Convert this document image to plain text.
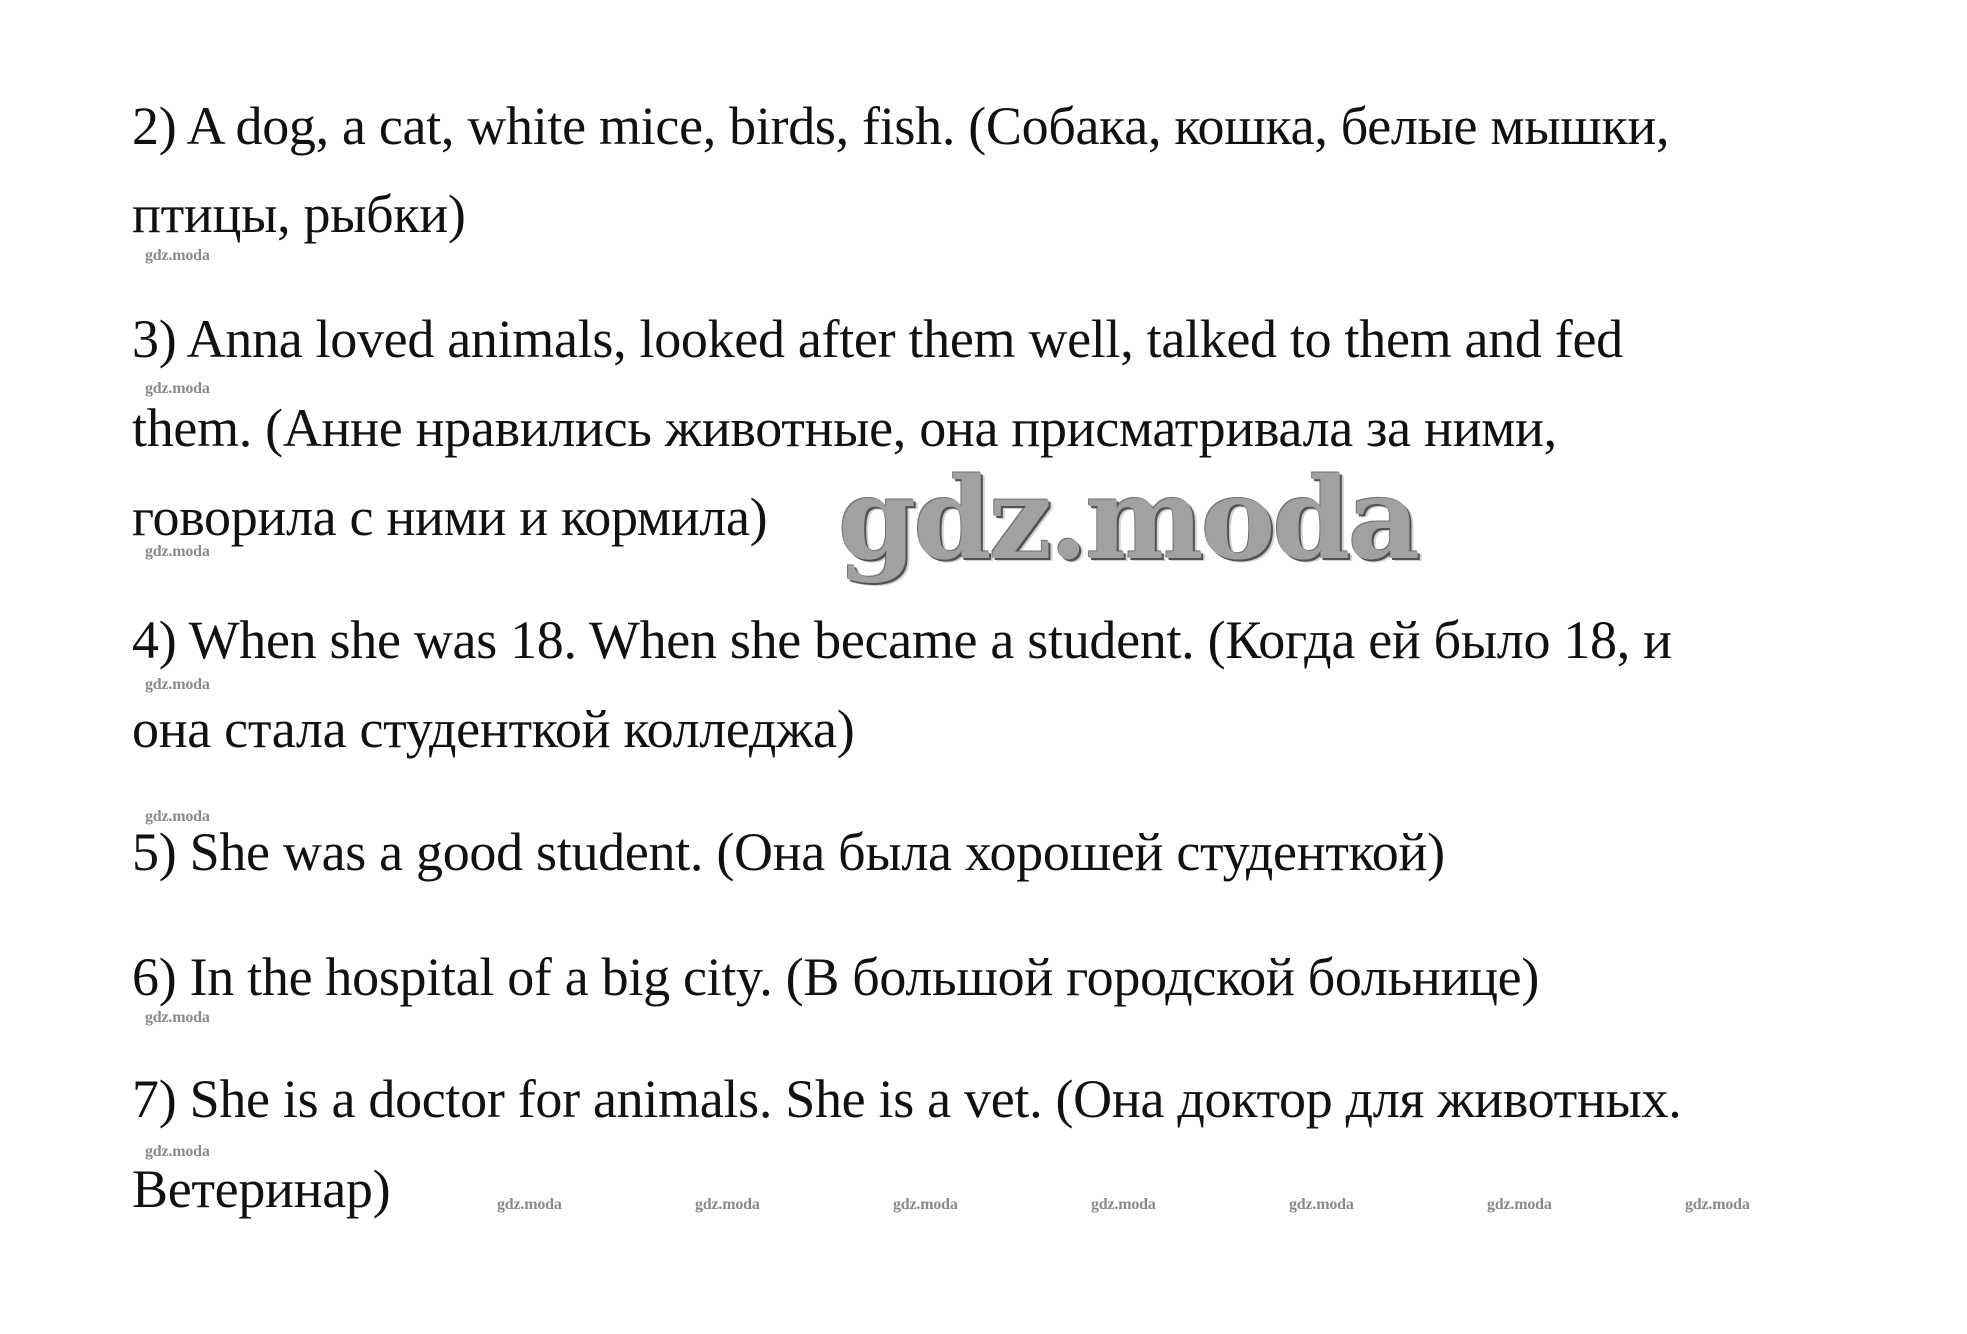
2) A dog, a cat, white mice, birds, fish. (Собака, кошка, белые мышки,
птицы, рыбки)
3) Anna loved animals, looked after them well, talked to them and fed
them. (Анне нравились животные, она присматривала за ними,
говорила с ними и кормила)
4) When she was 18. When she became a student. (Когда ей было 18, и
она стала студенткой колледжа)
5) She was a good student. (Она была хорошей студенткой)
6) In the hospital of a big city. (В большой городской больнице)
7) She is a doctor for animals. She is a vet. (Она доктор для животных.
Ветеринар)
gdz.moda
gdz.moda
gdz.moda
gdz.moda
gdz.moda
gdz.moda
gdz.moda
gdz.moda
gdz.moda	gdz.moda	gdz.moda	gdz.moda	gdz.moda	gdz.moda	gdz.moda
